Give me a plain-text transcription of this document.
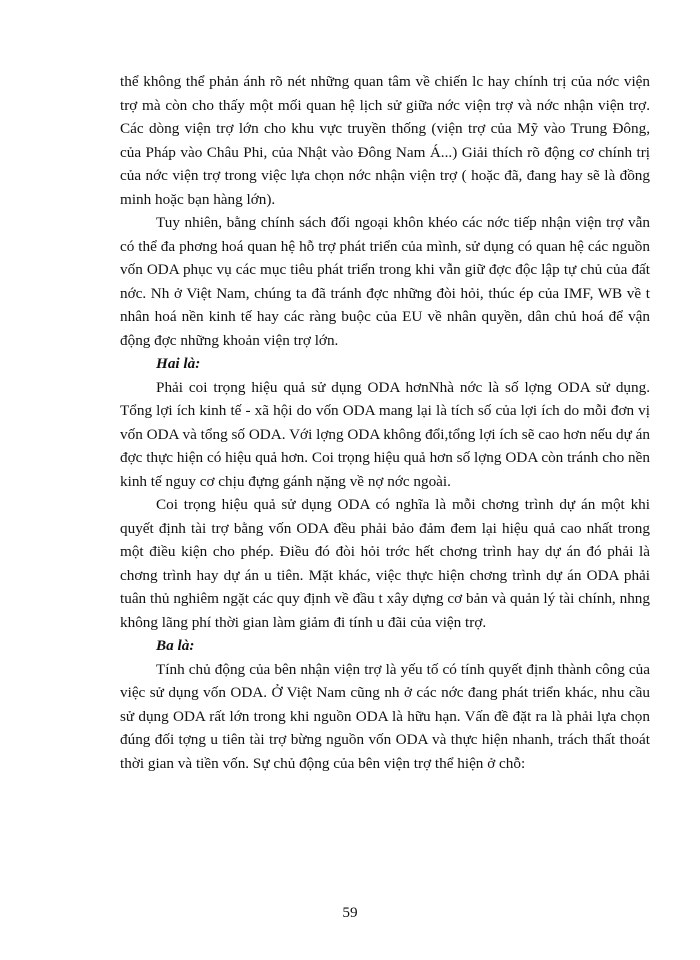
thể không thể phản ánh rõ nét những quan tâm về chiến lc hay chính trị của nớc viện trợ mà còn cho thấy một mối quan hệ lịch sử giữa nớc viện trợ và nớc nhận viện trợ. Các dòng viện trợ lớn cho khu vực truyền thống (viện trợ của Mỹ vào Trung Đông, của Pháp vào Châu Phi, của Nhật vào Đông Nam Á...) Giải thích rõ động cơ chính trị của nớc viện trợ trong việc lựa chọn nớc nhận viện trợ ( hoặc đã, đang hay sẽ là đồng minh hoặc bạn hàng lớn).

Tuy nhiên, bằng chính sách đối ngoại khôn khéo các nớc tiếp nhận viện trợ vẫn có thể đa phơng hoá quan hệ hỗ trợ phát triển của mình, sử dụng có quan hệ các nguồn vốn ODA phục vụ các mục tiêu phát triển trong khi vẫn giữ đợc độc lập tự chủ của đất nớc. Nh ở Việt Nam, chúng ta đã tránh đợc những đòi hỏi, thúc ép của IMF, WB về t nhân hoá nền kinh tế hay các ràng buộc của EU về nhân quyền, dân chủ hoá để vận động đợc những khoản viện trợ lớn.

Hai là:

Phải coi trọng hiệu quả sử dụng ODA hơnNhà nớc là số lợng ODA sử dụng. Tổng lợi ích kinh tế - xã hội do vốn ODA mang lại là tích số của lợi ích do mỗi đơn vị vốn ODA và tổng số ODA. Với lợng ODA không đổi,tổng lợi ích sẽ cao hơn nếu dự án đợc thực hiện có hiệu quả hơn. Coi trọng hiệu quả hơn số lợng ODA còn tránh cho nền kinh tế nguy cơ chịu đựng gánh nặng về nợ nớc ngoài.

Coi trọng hiệu quả sử dụng ODA có nghĩa là mỗi chơng trình dự án một khi quyết định tài trợ bằng vốn ODA đều phải bảo đảm đem lại hiệu quả cao nhất trong một điều kiện cho phép. Điều đó đòi hỏi trớc hết chơng trình hay dự án đó phải là chơng trình hay dự án u tiên. Mặt khác, việc thực hiện chơng trình dự án ODA phải tuân thủ nghiêm ngặt các quy định về đầu t xây dựng cơ bản và quản lý tài chính, nhng không lãng phí thời gian làm giảm đi tính u đãi của viện trợ.

Ba là:

Tính chủ động của bên nhận viện trợ là yếu tố có tính quyết định thành công của việc sử dụng vốn ODA. Ở Việt Nam cũng nh ở các nớc đang phát triển khác, nhu cầu sử dụng ODA rất lớn trong khi nguồn ODA là hữu hạn. Vấn đề đặt ra là phải lựa chọn đúng đối tợng u tiên tài trợ bừng nguồn vốn ODA và thực hiện nhanh, trách thất thoát thời gian và tiền vốn. Sự chủ động của bên viện trợ thể hiện ở chỗ:

59
